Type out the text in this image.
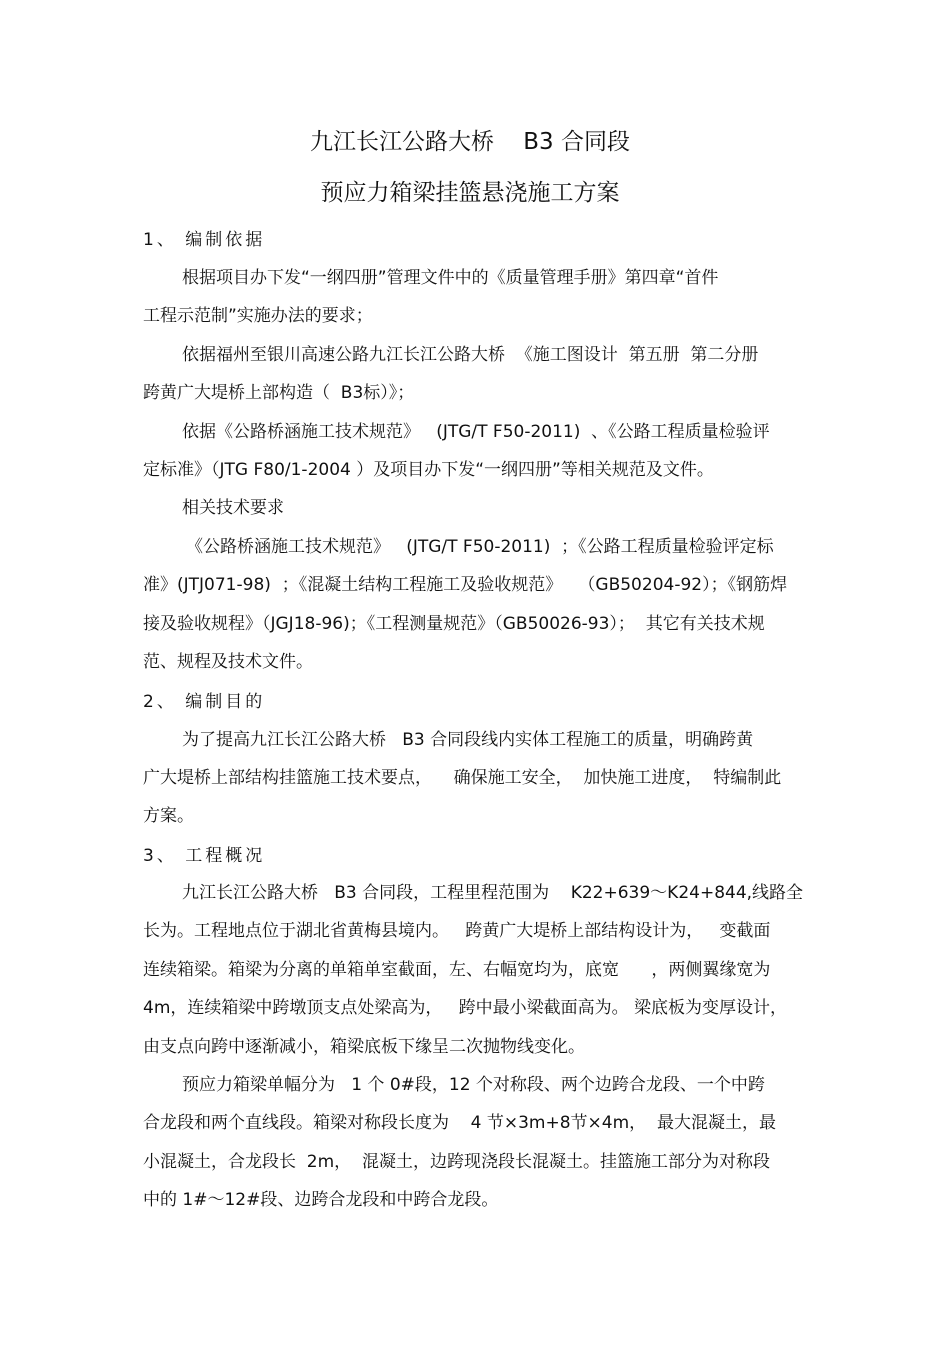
九江长江公路大桥    B3 合同段
预应力箱梁挂篮悬浇施工方案
1、 编制依据
根据项目办下发“一纲四册”管理文件中的《质量管理手册》第四章“首件
工程示范制”实施办法的要求；
依据福州至银川高速公路九江长江公路大桥  《施工图设计  第五册  第二分册
跨黄广大堤桥上部构造（  B3标）》；
依据《公路桥涵施工技术规范》   (JTG/T F50-2011)  、《公路工程质量检验评
定标准》（JTG F80/1-2004 ）及项目办下发“一纲四册”等相关规范及文件。
相关技术要求
《公路桥涵施工技术规范》   (JTG/T F50-2011)  ；《公路工程质量检验评定标
准》(JTJ071-98)  ；《混凝土结构工程施工及验收规范》   （GB50204-92）；《钢筋焊
接及验收规程》（JGJ18-96)；《工程测量规范》（GB50026-93）；  其它有关技术规
范、规程及技术文件。
2、 编制目的
为了提高九江长江公路大桥   B3 合同段线内实体工程施工的质量，明确跨黄
广大堤桥上部结构挂篮施工技术要点，    确保施工安全，  加快施工进度，  特编制此
方案。
3、 工程概况
九江长江公路大桥   B3 合同段，工程里程范围为    K22+639～K24+844,线路全
长为。工程地点位于湖北省黄梅县境内。   跨黄广大堤桥上部结构设计为，   变截面
连续箱梁。箱梁为分离的单箱单室截面，左、右幅宽均为，底宽      ，两侧翼缘宽为
4m，连续箱梁中跨墩顶支点处梁高为，   跨中最小梁截面高为。 梁底板为变厚设计，
由支点向跨中逐渐减小，箱梁底板下缘呈二次抛物线变化。
预应力箱梁单幅分为   1 个 0#段，12 个对称段、两个边跨合龙段、一个中跨
合龙段和两个直线段。箱梁对称段长度为    4 节×3m+8节×4m，  最大混凝土，最
小混凝土，合龙段长  2m，  混凝土，边跨现浇段长混凝土。挂篮施工部分为对称段
中的 1#～12#段、边跨合龙段和中跨合龙段。
